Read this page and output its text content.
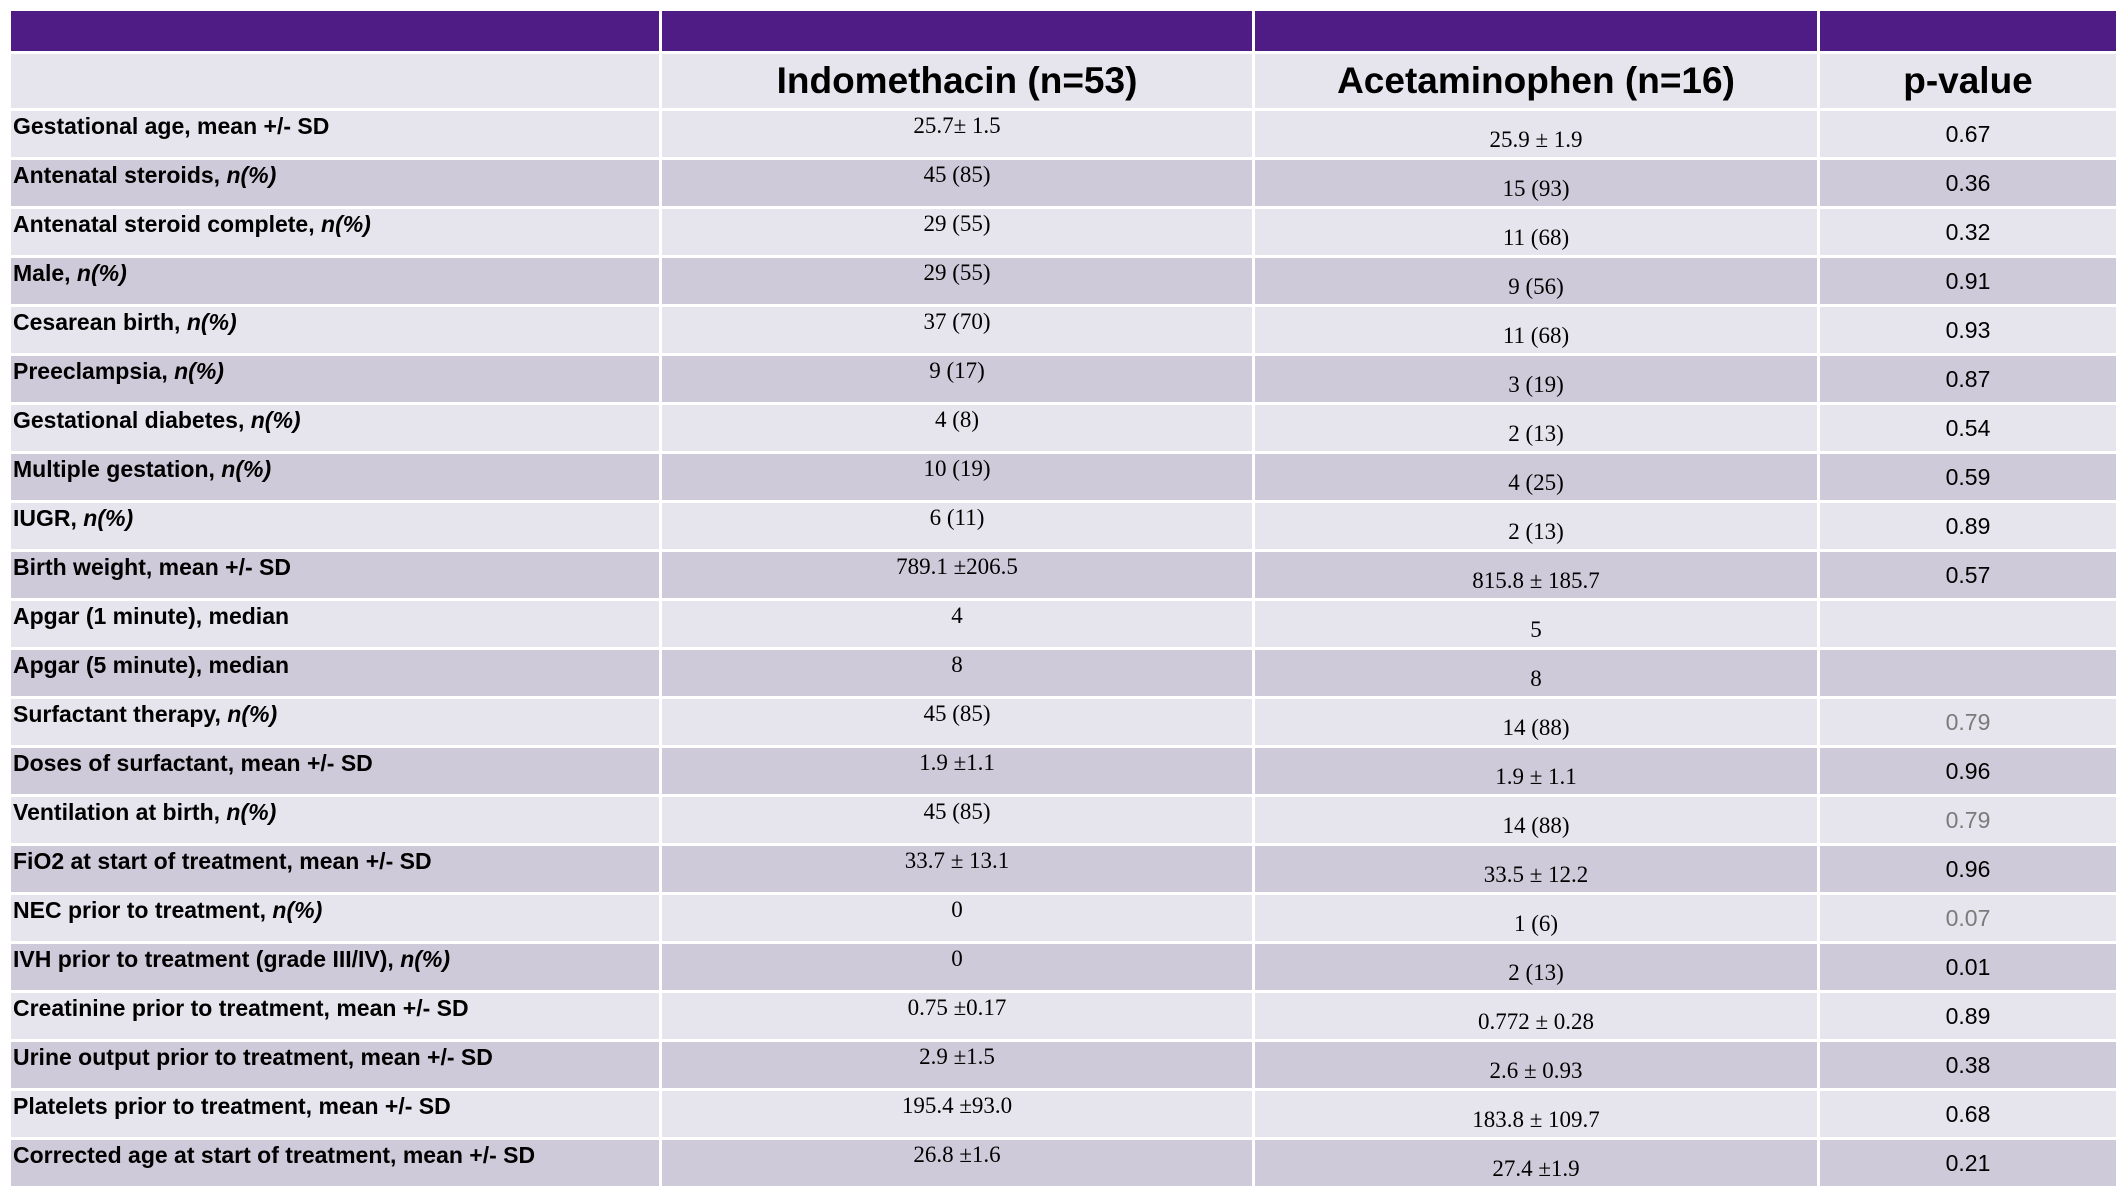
	Indomethacin (n=53)	Acetaminophen (n=16)	p-value
Gestational age, mean +/- SD	25.7± 1.5	25.9 ± 1.9	0.67
Antenatal steroids, n(%)	45 (85)	15 (93)	0.36
Antenatal steroid complete, n(%)	29 (55)	11 (68)	0.32
Male, n(%)	29 (55)	9 (56)	0.91
Cesarean birth, n(%)	37 (70)	11 (68)	0.93
Preeclampsia, n(%)	9 (17)	3 (19)	0.87
Gestational diabetes, n(%)	4 (8)	2 (13)	0.54
Multiple gestation, n(%)	10 (19)	4 (25)	0.59
IUGR, n(%)	6 (11)	2 (13)	0.89
Birth weight, mean +/- SD	789.1 ±206.5	815.8 ± 185.7	0.57
Apgar (1 minute), median	4	5	
Apgar (5 minute), median	8	8	
Surfactant therapy, n(%)	45 (85)	14 (88)	0.79
Doses of surfactant, mean +/- SD	1.9 ±1.1	1.9 ± 1.1	0.96
Ventilation at birth, n(%)	45 (85)	14 (88)	0.79
FiO2 at start of treatment, mean +/- SD	33.7 ± 13.1	33.5 ± 12.2	0.96
NEC prior to treatment, n(%)	0	1 (6)	0.07
IVH prior to treatment (grade III/IV), n(%)	0	2 (13)	0.01
Creatinine prior to treatment, mean +/- SD	0.75 ±0.17	0.772 ± 0.28	0.89
Urine output prior to treatment, mean +/- SD	2.9 ±1.5	2.6 ± 0.93	0.38
Platelets prior to treatment, mean +/- SD	195.4 ±93.0	183.8 ± 109.7	0.68
Corrected age at start of treatment, mean +/- SD	26.8 ±1.6	27.4 ±1.9	0.21
